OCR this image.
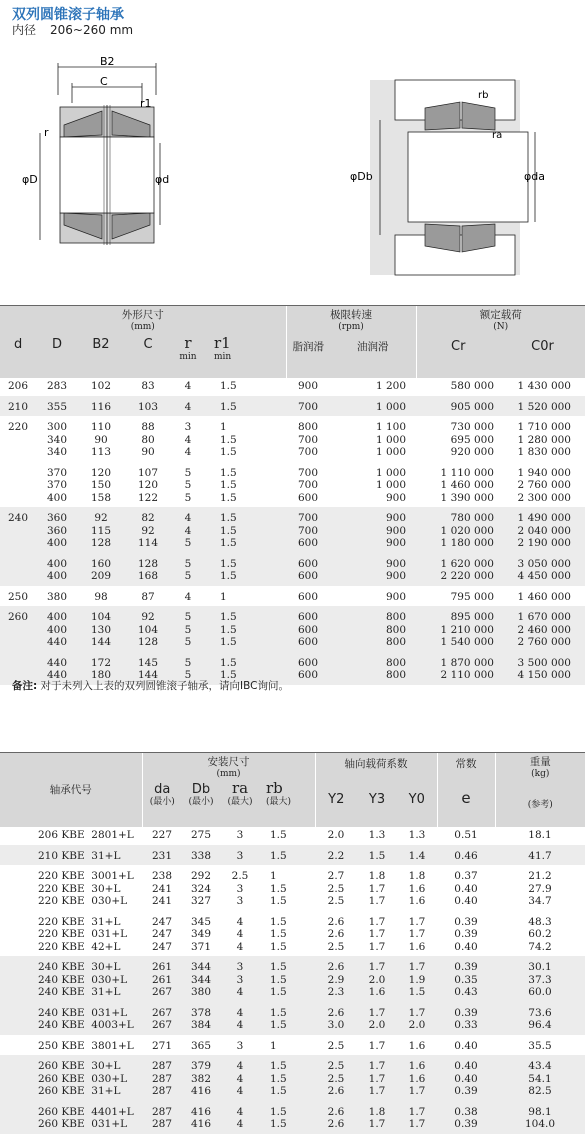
双列圆锥滚子轴承
内径 206~260 mm
B2
C
r1
r
φD	φd
rb
ra
φDb	φda
外形尺寸
(mm)						极限转速
(rpm)		额定载荷
(N)	
d	D	B2	C	r
min	r1
min	脂润滑	油润滑	Cr	C0r
206	283	102	83	4	1.5	900	1 200	580 000	1 430 000
210	355	116	103	4	1.5	700	1 000	905 000	1 520 000
220	300	110	88	3	1	800	1 100	730 000	1 710 000
	340	90	80	4	1.5	700	1 000	695 000	1 280 000
	340	113	90	4	1.5	700	1 000	920 000	1 830 000
	370	120	107	5	1.5	700	1 000	1 110 000	1 940 000
	370	150	120	5	1.5	700	1 000	1 460 000	2 760 000
	400	158	122	5	1.5	600	900	1 390 000	2 300 000
240	360	92	82	4	1.5	700	900	780 000	1 490 000
	360	115	92	4	1.5	700	900	1 020 000	2 040 000
	400	128	114	5	1.5	600	900	1 180 000	2 190 000
	400	160	128	5	1.5	600	900	1 620 000	3 050 000
	400	209	168	5	1.5	600	900	2 220 000	4 450 000
250	380	98	87	4	1	600	900	795 000	1 460 000
260	400	104	92	5	1.5	600	800	895 000	1 670 000
	400	130	104	5	1.5	600	800	1 210 000	2 460 000
	440	144	128	5	1.5	600	800	1 540 000	2 760 000
	440	172	145	5	1.5	600	800	1 870 000	3 500 000
	440	180	144	5	1.5	600	800	2 110 000	4 150 000
备注: 对于未列入上表的双列圆锥滚子轴承，请向IBC询问。
轴承代号	安装尺寸
(mm)				轴向载荷系数			常数	重量
(kg)
	da
(最小)	Db
(最小)	ra
(最大)	rb
(最大)	Y2	Y3	Y0	e	(参考)
206 KBE  2801+L	227	275	3	1.5	2.0	1.3	1.3	0.51	18.1
210 KBE  31+L	231	338	3	1.5	2.2	1.5	1.4	0.46	41.7
220 KBE  3001+L	238	292	2.5	1	2.7	1.8	1.8	0.37	21.2
220 KBE  30+L	241	324	3	1.5	2.5	1.7	1.6	0.40	27.9
220 KBE  030+L	241	327	3	1.5	2.5	1.7	1.6	0.40	34.7
220 KBE  31+L	247	345	4	1.5	2.6	1.7	1.7	0.39	48.3
220 KBE  031+L	247	349	4	1.5	2.6	1.7	1.7	0.39	60.2
220 KBE  42+L	247	371	4	1.5	2.5	1.7	1.6	0.40	74.2
240 KBE  30+L	261	344	3	1.5	2.6	1.7	1.7	0.39	30.1
240 KBE  030+L	261	344	3	1.5	2.9	2.0	1.9	0.35	37.3
240 KBE  31+L	267	380	4	1.5	2.3	1.6	1.5	0.43	60.0
240 KBE  031+L	267	378	4	1.5	2.6	1.7	1.7	0.39	73.6
240 KBE  4003+L	267	384	4	1.5	3.0	2.0	2.0	0.33	96.4
250 KBE  3801+L	271	365	3	1	2.5	1.7	1.6	0.40	35.5
260 KBE  30+L	287	379	4	1.5	2.5	1.7	1.6	0.40	43.4
260 KBE  030+L	287	382	4	1.5	2.5	1.7	1.6	0.40	54.1
260 KBE  31+L	287	416	4	1.5	2.6	1.7	1.7	0.39	82.5
260 KBE  4401+L	287	416	4	1.5	2.6	1.8	1.7	0.38	98.1
260 KBE  031+L	287	416	4	1.5	2.6	1.7	1.7	0.39	104.0
